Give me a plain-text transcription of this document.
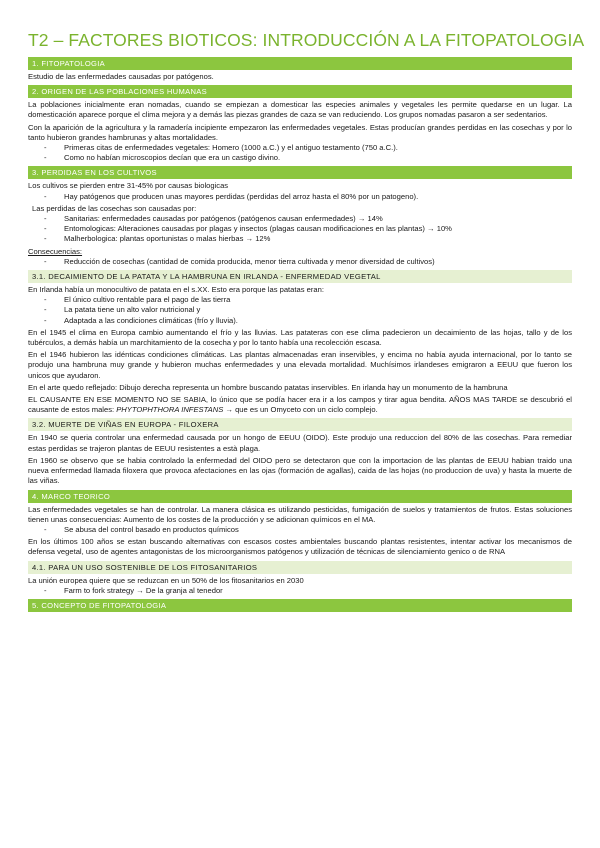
T2 – FACTORES BIOTICOS: INTRODUCCIÓN A LA FITOPATOLOGIA
1. FITOPATOLOGIA

Estudio de las enfermedades causadas por patógenos.

2. ORIGEN DE LAS POBLACIONES HUMANAS

La poblaciones inicialmente eran nomadas, cuando se empiezan a domesticar las especies animales y vegetales les permite quedarse en un lugar. La domesticación aparece porque el clima mejora y a demás las piezas grandes de caza se van reduciendo. Los grupos nomadas pasaron a ser sedentarios.

Con la aparición de la agricultura y la ramadería incipiente empezaron las enfermedades vegetales. Estas producían grandes perdidas en las cosechas y por lo tanto hubieron grandes hambrunas y altas mortalidades.

- Primeras citas de enfermedades vegetales: Homero (1000 a.C.) y el antiguo testamento (750 a.C.).
- Como no habían microscopios decían que era un castigo divino.
3. PERDIDAS EN LOS CULTIVOS

Los cultivos se pierden entre 31-45% por causas biologicas

- Hay patógenos que producen unas mayores perdidas (perdidas del arroz hasta el 80% por un patogeno).

Las perdidas de las cosechas son causadas por:

- Sanitarias: enfermedades causadas por patógenos (patógenos causan enfermedades) → 14%
- Entomologicas: Alteraciones causadas por plagas y insectos (plagas causan modificaciones en las plantas) → 10%
- Malherbologica: plantas oportunistas o malas hierbas → 12%

Consecuencias:

- Reducción de cosechas (cantidad de comida producida, menor tierra cultivada y menor diversidad de cultivos)
3.1. DECAIMIENTO DE LA PATATA Y LA HAMBRUNA EN IRLANDA - ENFERMEDAD VEGETAL

En Irlanda había un monocultivo de patata en el s.XX. Esto era porque las patatas eran:

- El único cultivo rentable para el pago de las tierra
- La patata tiene un alto valor nutricional y
- Adaptada a las condiciones climáticas (frío y lluvia).

En el 1945 el clima en Europa cambio aumentando el frío y las lluvias. Las patateras con ese clima padecieron un decaimiento de las hojas, tallo y de los tubérculos, a demás había un marchitamiento de la cosecha y por lo tanto había una recolección escasa.

En el 1946 hubieron las idénticas condiciones climáticas. Las plantas almacenadas eran inservibles, y encima no había ayuda internacional, por lo tanto se produjo una hambruna muy grande y hubieron muchas enfermedades y una elevada mortalidad. Muchísimos irlandeses emigraron a EEUU que fueron los unicos que ayudaron.

En el arte quedo reflejado: Dibujo derecha representa un hombre buscando patatas inservibles. En irlanda hay un monumento de la hambruna

EL CAUSANTE EN ESE MOMENTO NO SE SABIA, lo único que se podía hacer era ir a los campos y tirar agua bendita. AÑOS MAS TARDE se descubrió el causante de estos males: PHYTOPHTHORA INFESTANS → que es un Omyceto con un ciclo complejo.

3.2. MUERTE DE VIÑAS EN EUROPA - FILOXERA

En 1940 se queria controlar una enfermedad causada por un hongo de EEUU (OIDO). Este produjo una reduccion del 80% de las cosechas. Para remediar estas perdidas se trajeron plantas de EEUU resistentes a està plaga.

En 1960 se observo que se habia controlado la enfermedad del OIDO pero se detectaron que con la importacion de las plantas de EEUU habian traido una nueva enfermedad llamada filoxera que provoca afectaciones en las ojas (formación de agallas), caida de las hojas (no produccion de uva) y hasta la muerte de las viñas.

4. MARCO TEORICO

Las enfermedades vegetales se han de controlar. La manera clásica es utilizando pesticidas, fumigación de suelos y tratamientos de frutos. Estas soluciones tienen unas consecuencias: Aumento de los costes de la producción y se adicionan químicos en el MA.

- Se abusa del control basado en productos químicos

En los últimos 100 años se estan buscando alternativas con escasos costes ambientales buscando plantas resistentes, intentar activar los mecanismos de defensa vegetal, uso de agentes antagonistas de los microorganismos patógenos y utilización de técnicas de silenciamiento genico o de RNA

4.1. PARA UN USO SOSTENIBLE DE LOS FITOSANITARIOS

La unión europea quiere que se reduzcan en un 50% de los fitosanitarios en 2030

- Farm to fork strategy → De la granja al tenedor
5. CONCEPTO DE FITOPATOLOGIA
